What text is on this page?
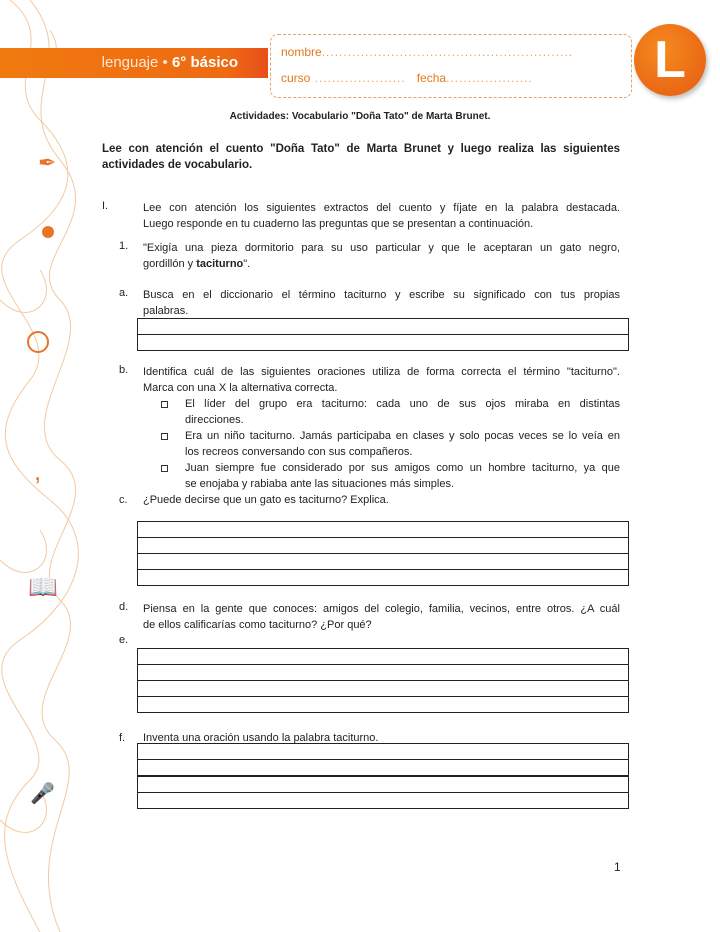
✒
,
📖
🎤
lenguaje • 6° básico
nombre..........................................................
curso .....................   fecha....................	L
Actividades: Vocabulario "Doña Tato" de Marta Brunet.
Lee con atención el cuento "Doña Tato" de Marta Brunet y luego realiza las siguientes
actividades de vocabulario.
I.	Lee con atención los siguientes extractos del cuento y fíjate en la palabra destacada.
Luego responde en tu cuaderno las preguntas que se presentan a continuación.
1. "Exigía una pieza dormitorio para su uso particular y que le aceptaran un gato negro,
gordillón y taciturno".
a. Busca en el diccionario el término taciturno y escribe su significado con tus propias
palabras.
b. Identifica cuál de las siguientes oraciones utiliza de forma correcta el término "taciturno".
Marca con una X la alternativa correcta.
El líder del grupo era taciturno: cada uno de sus ojos miraba en distintas
direcciones.
Era un niño taciturno. Jamás participaba en clases y solo pocas veces se lo veía en
los recreos conversando con sus compañeros.
Juan siempre fue considerado por sus amigos como un hombre taciturno, ya que
se enojaba y rabiaba ante las situaciones más simples.
c. ¿Puede decirse que un gato es taciturno? Explica.
d. Piensa en la gente que conoces: amigos del colegio, familia, vecinos, entre otros. ¿A cuál
de ellos calificarías como taciturno? ¿Por qué?
e.
f. Inventa una oración usando la palabra taciturno.
1
